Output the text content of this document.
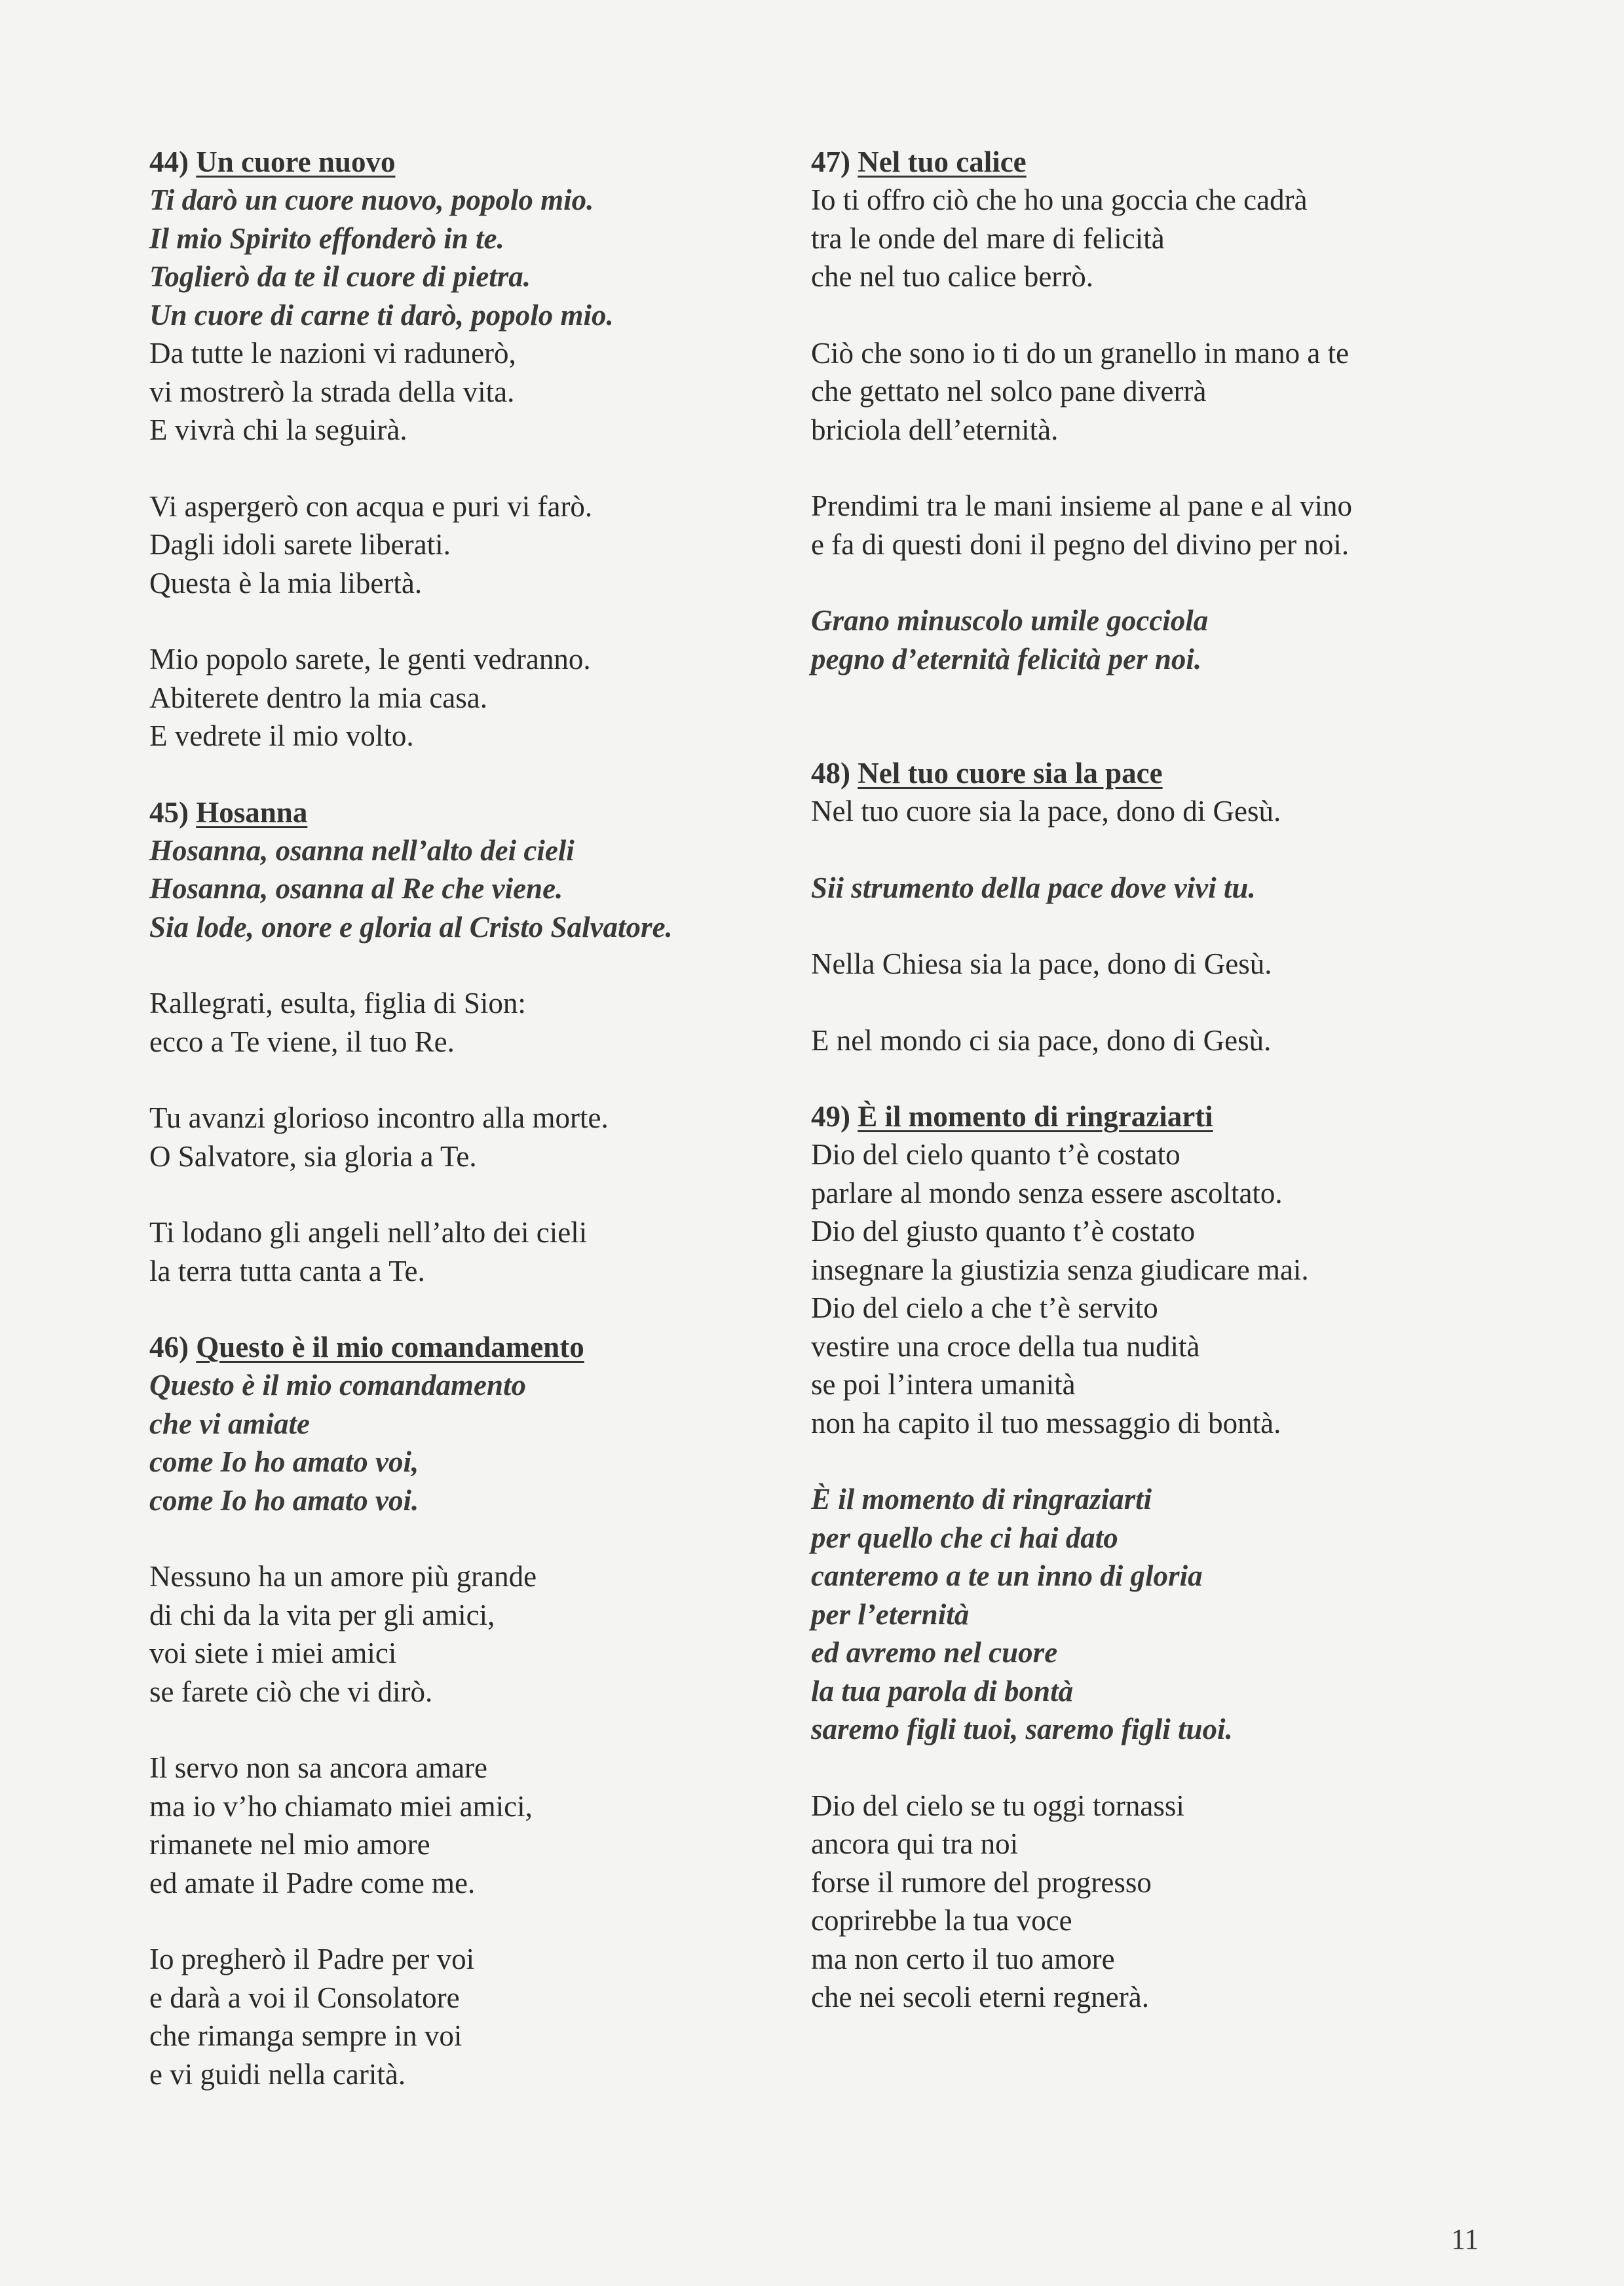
44) Un cuore nuovo
Ti darò un cuore nuovo, popolo mio.
Il mio Spirito effonderò in te.
Toglierò da te il cuore di pietra.
Un cuore di carne ti darò, popolo mio.
Da tutte le nazioni vi radunerò,
vi mostrerò la strada della vita.
E vivrà chi la seguirà.
Vi aspergerò con acqua e puri vi farò.
Dagli idoli sarete liberati.
Questa è la mia libertà.
Mio popolo sarete, le genti vedranno.
Abiterete dentro la mia casa.
E vedrete il mio volto.
45) Hosanna
Hosanna, osanna nell’alto dei cieli
Hosanna, osanna al Re che viene.
Sia lode, onore e gloria al Cristo Salvatore.
Rallegrati, esulta, figlia di Sion:
ecco a Te viene, il tuo Re.
Tu avanzi glorioso incontro alla morte.
O Salvatore, sia gloria a Te.
Ti lodano gli angeli nell’alto dei cieli
la terra tutta canta a Te.
46) Questo è il mio comandamento
Questo è il mio comandamento
che vi amiate
come Io ho amato voi,
come Io ho amato voi.
Nessuno ha un amore più grande
di chi da la vita per gli amici,
voi siete i miei amici
se farete ciò che vi dirò.
Il servo non sa ancora amare
ma io v’ho chiamato miei amici,
rimanete nel mio amore
ed amate il Padre come me.
Io pregherò il Padre per voi
e darà a voi il Consolatore
che rimanga sempre in voi
e vi guidi nella carità.
47) Nel tuo calice
Io ti offro ciò che ho una goccia che cadrà
tra le onde del mare di felicità
che nel tuo calice berrò.
Ciò che sono io ti do un granello in mano a te
che gettato nel solco pane diverrà
briciola dell’eternità.
Prendimi tra le mani insieme al pane e al vino
e fa di questi doni il pegno del divino per noi.
Grano minuscolo umile gocciola
pegno d’eternità felicità per noi.
48) Nel tuo cuore sia la pace
Nel tuo cuore sia la pace, dono di Gesù.
Sii strumento della pace dove vivi tu.
Nella Chiesa sia la pace, dono di Gesù.
E nel mondo ci sia pace, dono di Gesù.
49) È il momento di ringraziarti
Dio del cielo quanto t’è costato
parlare al mondo senza essere ascoltato.
Dio del giusto quanto t’è costato
insegnare la giustizia senza giudicare mai.
Dio del cielo a che t’è servito
vestire una croce della tua nudità
se poi l’intera umanità
non ha capito il tuo messaggio di bontà.
È il momento di ringraziarti
per quello che ci hai dato
canteremo a te un inno di gloria
per l’eternità
ed avremo nel cuore
la tua parola di bontà
saremo figli tuoi, saremo figli tuoi.
Dio del cielo se tu oggi tornassi
ancora qui tra noi
forse il rumore del progresso
coprirebbe la tua voce
ma non certo il tuo amore
che nei secoli eterni regnerà.
11
